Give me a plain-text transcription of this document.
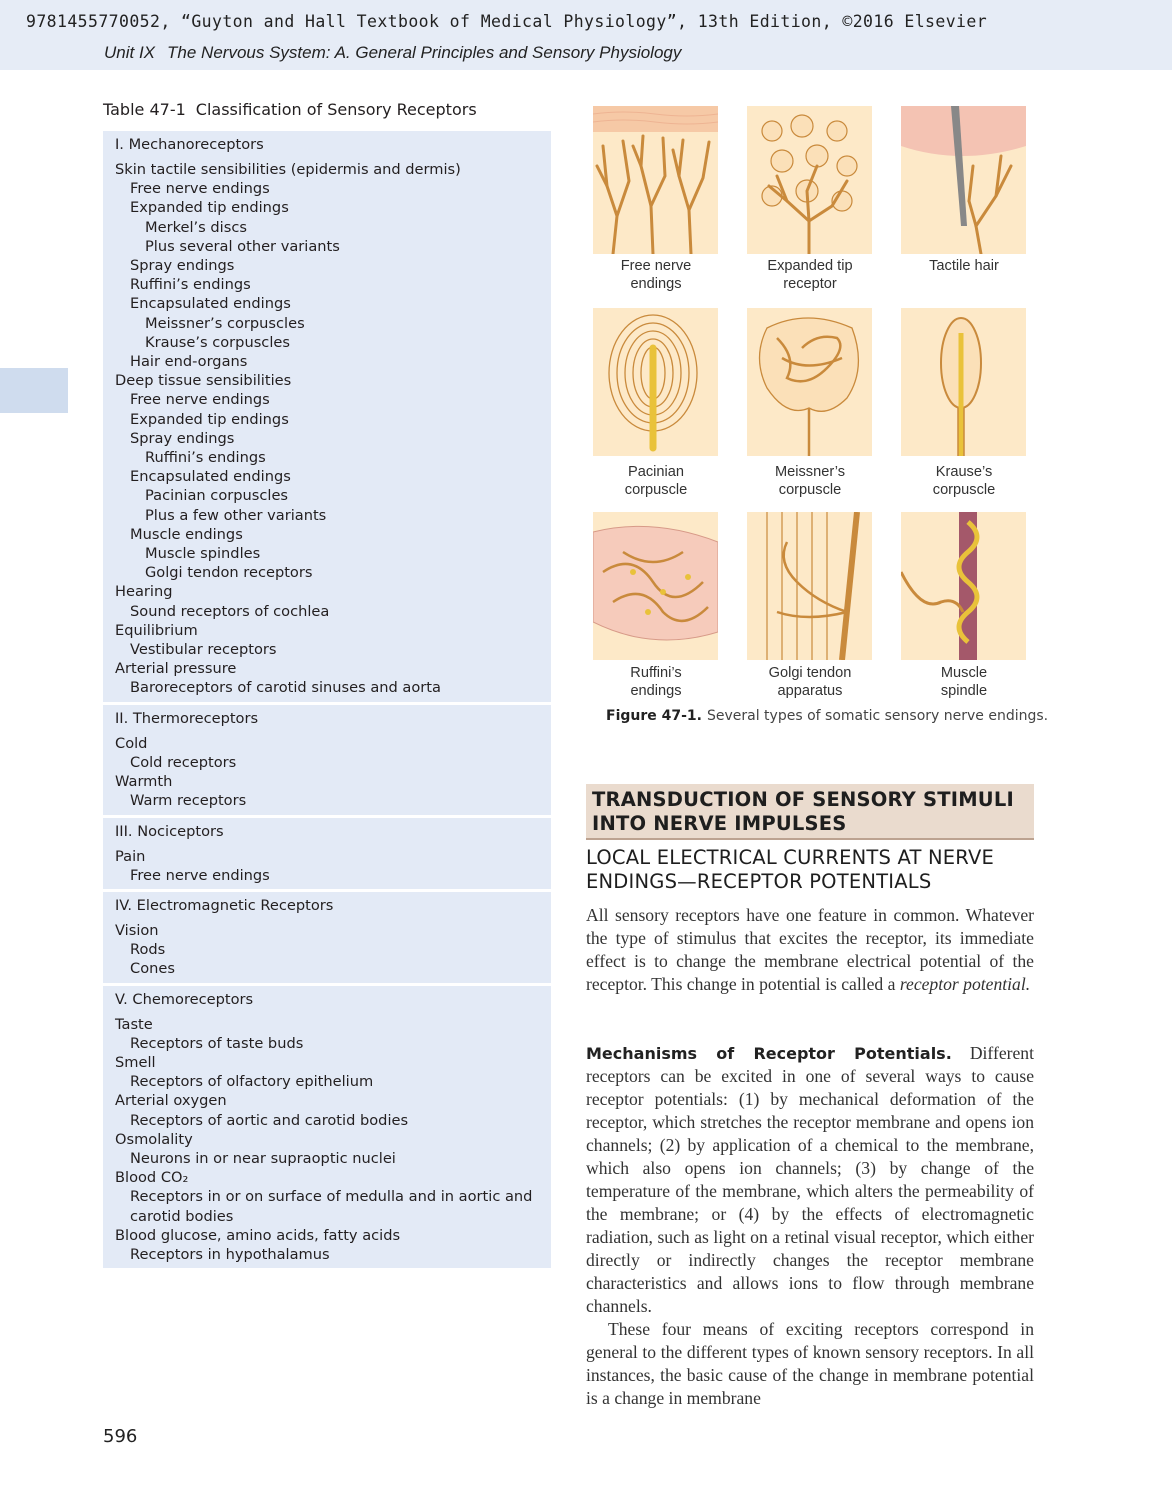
9781455770052, “Guyton and Hall Textbook of Medical Physiology”, 13th Edition, ©2016 Elsevier
Unit IX The Nervous System: A. General Principles and Sensory Physiology
Table 47-1 Classification of Sensory Receptors
I. Mechanoreceptors
Skin tactile sensibilities (epidermis and dermis)
Free nerve endings
Expanded tip endings
Merkel’s discs
Plus several other variants
Spray endings
Ruffini’s endings
Encapsulated endings
Meissner’s corpuscles
Krause’s corpuscles
Hair end-organs
Deep tissue sensibilities
Free nerve endings
Expanded tip endings
Spray endings
Ruffini’s endings
Encapsulated endings
Pacinian corpuscles
Plus a few other variants
Muscle endings
Muscle spindles
Golgi tendon receptors
Hearing
Sound receptors of cochlea
Equilibrium
Vestibular receptors
Arterial pressure
Baroreceptors of carotid sinuses and aorta
II. Thermoreceptors
Cold
Cold receptors
Warmth
Warm receptors
III. Nociceptors
Pain
Free nerve endings
IV. Electromagnetic Receptors
Vision
Rods
Cones
V. Chemoreceptors
Taste
Receptors of taste buds
Smell
Receptors of olfactory epithelium
Arterial oxygen
Receptors of aortic and carotid bodies
Osmolality
Neurons in or near supraoptic nuclei
Blood CO₂
Receptors in or on surface of medulla and in aortic and
carotid bodies
Blood glucose, amino acids, fatty acids
Receptors in hypothalamus
Free nerve
endings
Expanded tip
receptor
Tactile hair
Pacinian
corpuscle
Meissner’s
corpuscle
Krause’s
corpuscle
Ruffini’s
endings
Golgi tendon
apparatus
Muscle
spindle
Figure 47-1. Several types of somatic sensory nerve endings.
TRANSDUCTION OF SENSORY STIMULI
INTO NERVE IMPULSES
LOCAL ELECTRICAL CURRENTS AT NERVE
ENDINGS—RECEPTOR POTENTIALS
All sensory receptors have one feature in common. Whatever the type of stimulus that excites the receptor, its immediate effect is to change the membrane electrical potential of the receptor. This change in potential is called a receptor potential.
Mechanisms of Receptor Potentials. Different receptors can be excited in one of several ways to cause receptor potentials: (1) by mechanical deformation of the receptor, which stretches the receptor membrane and opens ion channels; (2) by application of a chemical to the membrane, which also opens ion channels; (3) by change of the temperature of the membrane, which alters the permeability of the membrane; or (4) by the effects of electromagnetic radiation, such as light on a retinal visual receptor, which either directly or indirectly changes the receptor membrane characteristics and allows ions to flow through membrane channels.
These four means of exciting receptors correspond in general to the different types of known sensory receptors. In all instances, the basic cause of the change in membrane potential is a change in membrane
596
